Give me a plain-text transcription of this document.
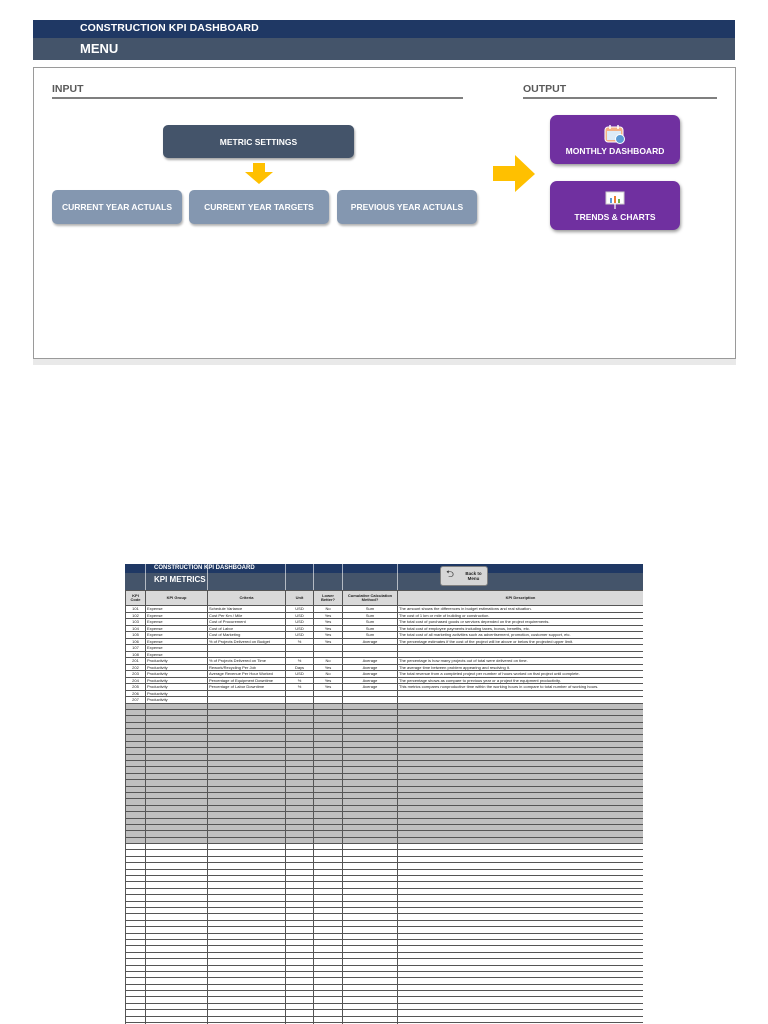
CONSTRUCTION KPI DASHBOARD
MENU
INPUT	OUTPUT
METRIC SETTINGS
CURRENT YEAR ACTUALS	CURRENT YEAR TARGETS	PREVIOUS YEAR ACTUALS
MONTHLY DASHBOARD
TRENDS & CHARTS
CONSTRUCTION KPI DASHBOARD
KPI METRICS	⮌	Back to Menu
KPI Code	KPI Group	Criteria	Unit	Lower Better?	Cumulative Calculation Method?	KPI Description
101	Expense	Schedule Variance	USD	No	Sum	The amount shows the differences in budget estimations and real situation.
102	Expense	Cost Per Km / Mile	USD	Yes	Sum	The cost of 1 km or mile of building or construction.
103	Expense	Cost of Procurement	USD	Yes	Sum	The total cost of purchased goods or services depended on the project requirements.
104	Expense	Cost of Labor	USD	Yes	Sum	The total cost of employee payments including taxes, bonus, benefits, etc.
105	Expense	Cost of Marketing	USD	Yes	Sum	The total cost of all marketing activities such as advertisement, promotion, customer support, etc.
106	Expense	% of Projects Delivered on Budget	%	Yes	Average	The percentage estimates if the cost of the project will be above or below the projected upper limit.
107	Expense					
108	Expense					
201	Productivity	% of Projects Delivered on Time	%	No	Average	The percentage is how many projects out of total were delivered on time.
202	Productivity	Rework/Recycling Per Job	Days	Yes	Average	The average time between problem appearing and resolving it.
203	Productivity	Average Revenue Per Hour Worked	USD	No	Average	The total revenue from a completed project per number of hours worked on that project until complete.
204	Productivity	Percentage of Equipment Downtime	%	Yes	Average	The percentage shows as compare to previous year or a project the equipment productivity.
205	Productivity	Percentage of Labor Downtime	%	Yes	Average	This metrics compares nonproductive time within the working hours in compare to total number of working hours.
206	Productivity					
207	Productivity					
